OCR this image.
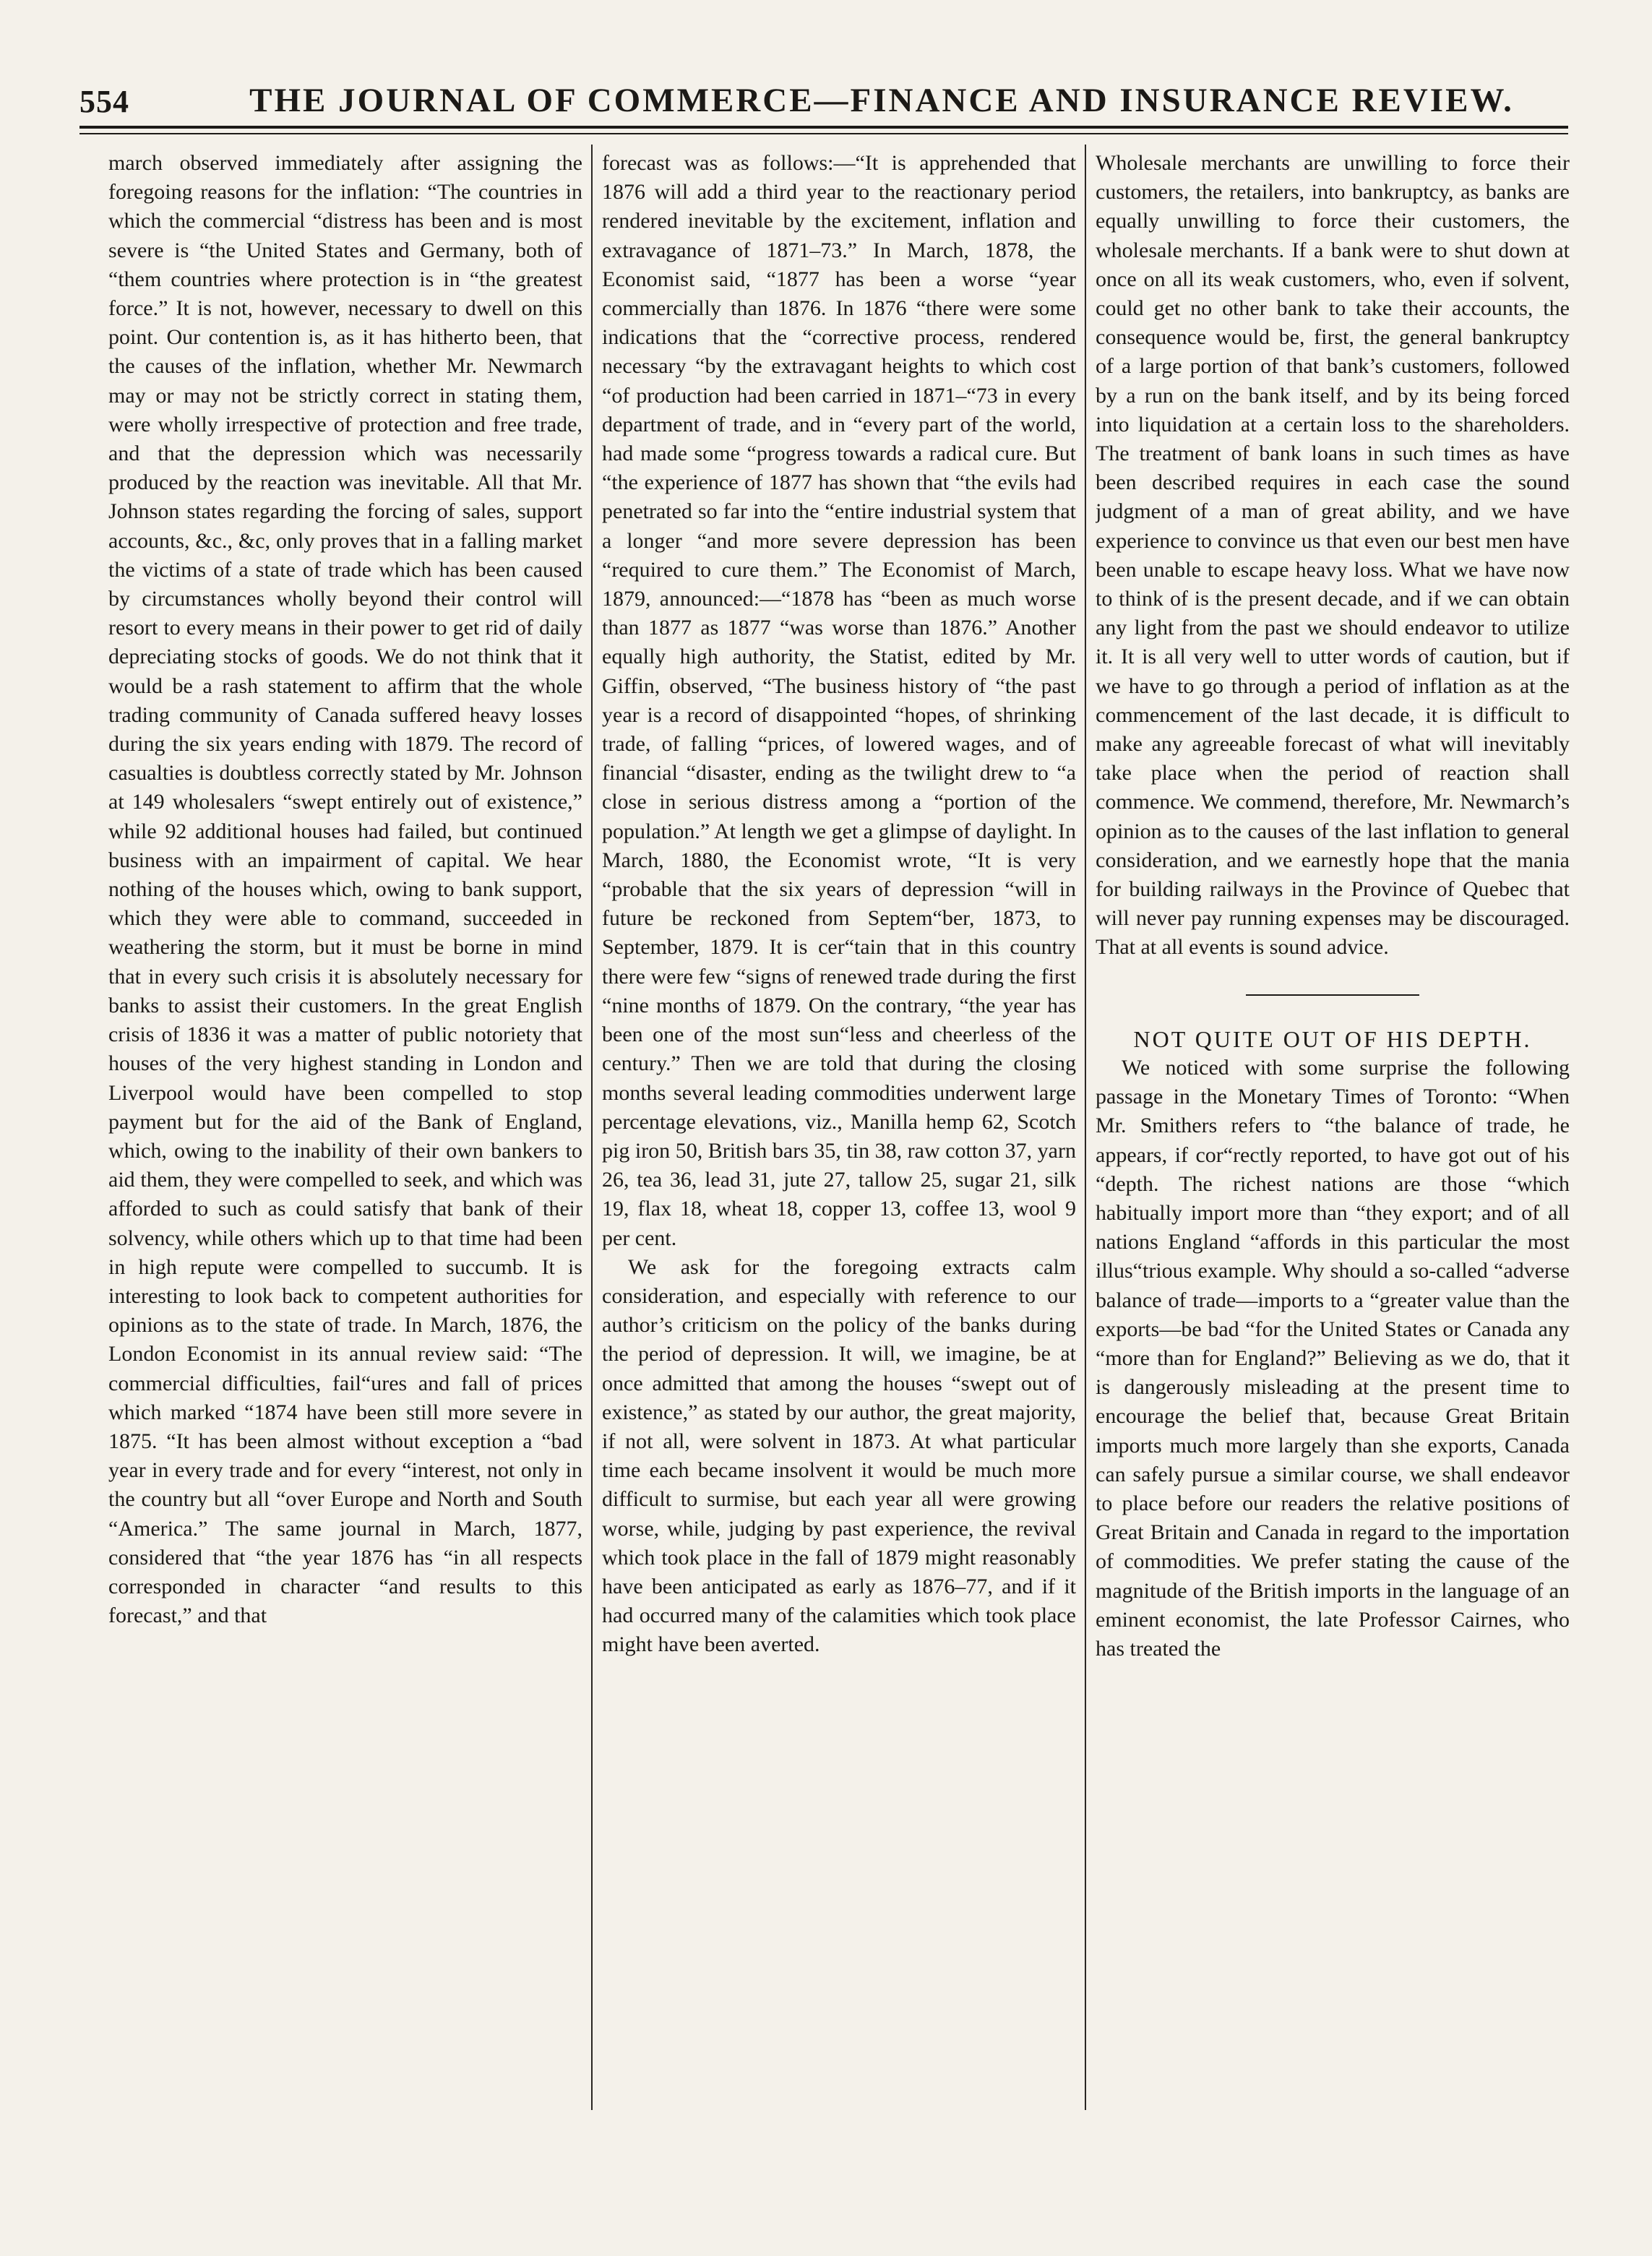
554	THE JOURNAL OF COMMERCE—FINANCE AND INSURANCE REVIEW.

march observed immediately after assigning the foregoing reasons for the inflation: “The countries in which the commercial “distress has been and is most severe is “the United States and Germany, both of “them countries where protection is in “the greatest force.” It is not, however, necessary to dwell on this point. Our contention is, as it has hitherto been, that the causes of the inflation, whether Mr. Newmarch may or may not be strictly correct in stating them, were wholly irrespective of protection and free trade, and that the depression which was necessarily produced by the reaction was inevitable. All that Mr. Johnson states regarding the forcing of sales, support accounts, &c., &c, only proves that in a falling market the victims of a state of trade which has been caused by circumstances wholly beyond their control will resort to every means in their power to get rid of daily depreciating stocks of goods. We do not think that it would be a rash statement to affirm that the whole trading community of Canada suffered heavy losses during the six years ending with 1879. The record of casualties is doubtless correctly stated by Mr. Johnson at 149 wholesalers “swept entirely out of existence,” while 92 additional houses had failed, but continued business with an impairment of capital. We hear nothing of the houses which, owing to bank support, which they were able to command, succeeded in weathering the storm, but it must be borne in mind that in every such crisis it is absolutely necessary for banks to assist their customers. In the great English crisis of 1836 it was a matter of public notoriety that houses of the very highest standing in London and Liverpool would have been compelled to stop payment but for the aid of the Bank of England, which, owing to the inability of their own bankers to aid them, they were compelled to seek, and which was afforded to such as could satisfy that bank of their solvency, while others which up to that time had been in high repute were compelled to succumb. It is interesting to look back to competent authorities for opinions as to the state of trade. In March, 1876, the London Economist in its annual review said: “The commercial difficulties, fail“ures and fall of prices which marked “1874 have been still more severe in 1875. “It has been almost without exception a “bad year in every trade and for every “interest, not only in the country but all “over Europe and North and South “America.” The same journal in March, 1877, considered that “the year 1876 has “in all respects corresponded in character “and results to this forecast,” and that

forecast was as follows:—“It is apprehended that 1876 will add a third year to the reactionary period rendered inevitable by the excitement, inflation and extravagance of 1871–73.” In March, 1878, the Economist said, “1877 has been a worse “year commercially than 1876. In 1876 “there were some indications that the “corrective process, rendered necessary “by the extravagant heights to which cost “of production had been carried in 1871–“73 in every department of trade, and in “every part of the world, had made some “progress towards a radical cure. But “the experience of 1877 has shown that “the evils had penetrated so far into the “entire industrial system that a longer “and more severe depression has been “required to cure them.” The Economist of March, 1879, announced:—“1878 has “been as much worse than 1877 as 1877 “was worse than 1876.” Another equally high authority, the Statist, edited by Mr. Giffin, observed, “The business history of “the past year is a record of disappointed “hopes, of shrinking trade, of falling “prices, of lowered wages, and of financial “disaster, ending as the twilight drew to “a close in serious distress among a “portion of the population.” At length we get a glimpse of daylight. In March, 1880, the Economist wrote, “It is very “probable that the six years of depression “will in future be reckoned from Septem“ber, 1873, to September, 1879. It is cer“tain that in this country there were few “signs of renewed trade during the first “nine months of 1879. On the contrary, “the year has been one of the most sun“less and cheerless of the century.” Then we are told that during the closing months several leading commodities underwent large percentage elevations, viz., Manilla hemp 62, Scotch pig iron 50, British bars 35, tin 38, raw cotton 37, yarn 26, tea 36, lead 31, jute 27, tallow 25, sugar 21, silk 19, flax 18, wheat 18, copper 13, coffee 13, wool 9 per cent.

We ask for the foregoing extracts calm consideration, and especially with reference to our author’s criticism on the policy of the banks during the period of depression. It will, we imagine, be at once admitted that among the houses “swept out of existence,” as stated by our author, the great majority, if not all, were solvent in 1873. At what particular time each became insolvent it would be much more difficult to surmise, but each year all were growing worse, while, judging by past experience, the revival which took place in the fall of 1879 might reasonably have been anticipated as early as 1876–77, and if it had occurred many of the calamities which took place might have been averted.

Wholesale merchants are unwilling to force their customers, the retailers, into bankruptcy, as banks are equally unwilling to force their customers, the wholesale merchants. If a bank were to shut down at once on all its weak customers, who, even if solvent, could get no other bank to take their accounts, the consequence would be, first, the general bankruptcy of a large portion of that bank’s customers, followed by a run on the bank itself, and by its being forced into liquidation at a certain loss to the shareholders. The treatment of bank loans in such times as have been described requires in each case the sound judgment of a man of great ability, and we have experience to convince us that even our best men have been unable to escape heavy loss. What we have now to think of is the present decade, and if we can obtain any light from the past we should endeavor to utilize it. It is all very well to utter words of caution, but if we have to go through a period of inflation as at the commencement of the last decade, it is difficult to make any agreeable forecast of what will inevitably take place when the period of reaction shall commence. We commend, therefore, Mr. Newmarch’s opinion as to the causes of the last inflation to general consideration, and we earnestly hope that the mania for building railways in the Province of Quebec that will never pay running expenses may be discouraged. That at all events is sound advice.

NOT QUITE OUT OF HIS DEPTH.

We noticed with some surprise the following passage in the Monetary Times of Toronto: “When Mr. Smithers refers to “the balance of trade, he appears, if cor“rectly reported, to have got out of his “depth. The richest nations are those “which habitually import more than “they export; and of all nations England “affords in this particular the most illus“trious example. Why should a so-called “adverse balance of trade—imports to a “greater value than the exports—be bad “for the United States or Canada any “more than for England?” Believing as we do, that it is dangerously misleading at the present time to encourage the belief that, because Great Britain imports much more largely than she exports, Canada can safely pursue a similar course, we shall endeavor to place before our readers the relative positions of Great Britain and Canada in regard to the importation of commodities. We prefer stating the cause of the magnitude of the British imports in the language of an eminent economist, the late Professor Cairnes, who has treated the
